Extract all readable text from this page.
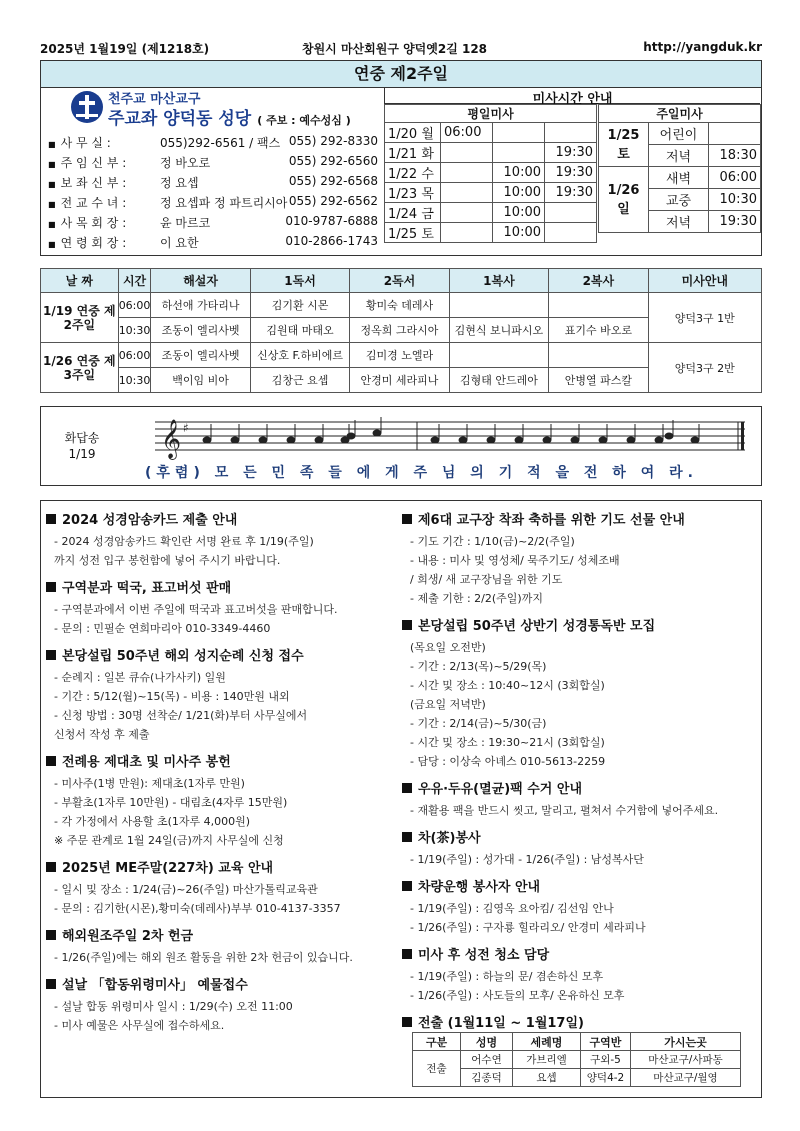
2025년 1월19일 (제1218호)	창원시 마산회원구 양덕옛2길 128	http://yangduk.kr
연중 제2주일
천주교 마산교구
주교좌 양덕동 성당 ( 주보 : 예수성심 )
■ 사 무 실 :	055)292-6561 / 팩스 055) 292-8330
■ 주 임 신 부 :	정 바오로	055) 292-6560
■ 보 좌 신 부 :	정 요셉	055) 292-6568
■ 전 교 수 녀 :	정 요셉파 정 파트리시아 055) 292-6562
■ 사 목 회 장 :	윤 마르코	010-9787-6888
■ 연 령 회 장 :	이 요한	010-2866-1743
미사시간 안내
평일미사			
1/20 월	06:00		
1/21 화			19:30
1/22 수		10:00	19:30
1/23 목		10:00	19:30
1/24 금		10:00	
1/25 토		10:00	
주일미사		
1/25 토	어린이	
	저녁	18:30
1/26 일	새벽	06:00
	교중	10:30
	저녁	19:30
날 짜	시간	해설자	1독서	2독서	1복사	2복사	미사안내
1/19 연중 제2주일	06:00	하선애 가타리나	김기환 시몬	황미숙 데레사			양덕3구 1반
	10:30	조동이 엘리사벳	김원태 마태오	정옥희 그라시아	김현식 보니파시오	표기수 바오로	
1/26 연중 제3주일	06:00	조동이 엘리사벳	신상호 F.하비에르	김미경 노엘라			양덕3구 2반
	10:30	백이임 비아	김창근 요셉	안경미 세라피나	김형태 안드레아	안병열 파스칼	
화답송
1/19 𝄞 ♯
(후렴) 모 든 민 족 들 에 게 주 님 의 기 적 을 전 하 여 라.
2024 성경암송카드 제출 안내
- 2024 성경암송카드 확인란 서명 완료 후 1/19(주일)
까지 성전 입구 봉헌함에 넣어 주시기 바랍니다.
구역분과 떡국, 표고버섯 판매
- 구역분과에서 이번 주일에 떡국과 표고버섯을 판매합니다.
- 문의 : 민필순 연희마리아 010-3349-4460
본당설립 50주년 해외 성지순례 신청 접수
- 순례지 : 일본 큐슈(나가사키) 일원
- 기간 : 5/12(월)~15(목) - 비용 : 140만원 내외
- 신청 방법 : 30명 선착순/ 1/21(화)부터 사무실에서
신청서 작성 후 제출
전례용 제대초 및 미사주 봉헌
- 미사주(1병 만원): 제대초(1자루 만원)
- 부활초(1자루 10만원) - 대림초(4자루 15만원)
- 각 가정에서 사용할 초(1자루 4,000원)
※ 주문 관계로 1월 24일(금)까지 사무실에 신청
2025년 ME주말(227차) 교육 안내
- 일시 및 장소 : 1/24(금)~26(주일) 마산가톨릭교육관
- 문의 : 김기한(시몬),황미숙(데레사)부부 010-4137-3357
해외원조주일 2차 헌금
- 1/26(주일)에는 해외 원조 활동을 위한 2차 헌금이 있습니다.
설날 「합동위령미사」 예물접수
- 설날 합동 위령미사 일시 : 1/29(수) 오전 11:00
- 미사 예물은 사무실에 접수하세요.
제6대 교구장 착좌 축하를 위한 기도 선물 안내
- 기도 기간 : 1/10(금)~2/2(주일)
- 내용 : 미사 및 영성체/ 묵주기도/ 성체조배
/ 희생/ 새 교구장님을 위한 기도
- 제출 기한 : 2/2(주일)까지
본당설립 50주년 상반기 성경통독반 모집
(목요일 오전반)
- 기간 : 2/13(목)~5/29(목)
- 시간 및 장소 : 10:40~12시 (3회합실)
(금요일 저녁반)
- 기간 : 2/14(금)~5/30(금)
- 시간 및 장소 : 19:30~21시 (3회합실)
- 담당 : 이상숙 아녜스 010-5613-2259
우유·두유(멸균)팩 수거 안내
- 재활용 팩을 반드시 씻고, 말리고, 펼쳐서 수거함에 넣어주세요.
차(茶)봉사
- 1/19(주일) : 성가대 - 1/26(주일) : 남성복사단
차량운행 봉사자 안내
- 1/19(주일) : 김영옥 요아킴/ 김선임 안나
- 1/26(주일) : 구자룡 힐라리오/ 안경미 세라피나
미사 후 성전 청소 담당
- 1/19(주일) : 하늘의 문/ 겸손하신 모후
- 1/26(주일) : 사도들의 모후/ 온유하신 모후
전출 (1월11일 ~ 1월17일)
구분	성명	세례명	구역반	가시는곳
전출	어수연	가브리엘	구외-5	마산교구/사파동
	김종덕	요셉	양덕4-2	마산교구/월영
